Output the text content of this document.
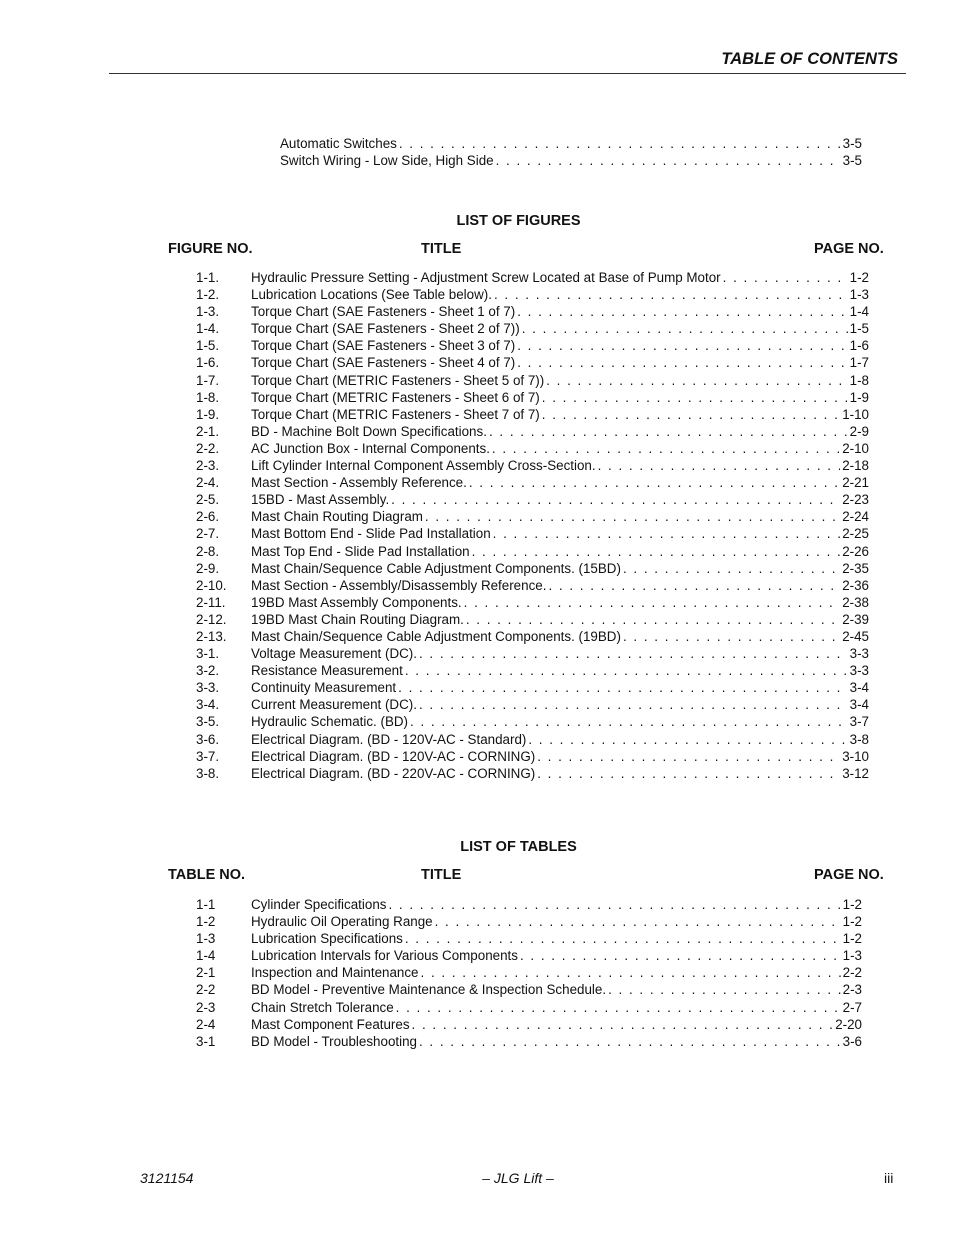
TABLE OF CONTENTS
Automatic Switches . . .	3-5
Switch Wiring - Low Side, High Side . . .	3-5
LIST OF FIGURES
FIGURE NO.	TITLE	PAGE NO.
1-1.	Hydraulic Pressure Setting - Adjustment Screw Located at Base of Pump Motor . . .	1-2
1-2.	Lubrication Locations (See Table below). . . .	1-3
1-3.	Torque Chart (SAE Fasteners - Sheet 1 of 7) . . .	1-4
1-4.	Torque Chart (SAE Fasteners - Sheet 2 of 7)) . . .	1-5
1-5.	Torque Chart (SAE Fasteners - Sheet 3 of 7) . . .	1-6
1-6.	Torque Chart (SAE Fasteners - Sheet 4 of 7) . . .	1-7
1-7.	Torque Chart (METRIC Fasteners - Sheet 5 of 7)) . . .	1-8
1-8.	Torque Chart (METRIC Fasteners - Sheet 6 of 7) . . .	1-9
1-9.	Torque Chart (METRIC Fasteners - Sheet 7 of 7) . . .	1-10
2-1.	BD - Machine Bolt Down Specifications. . . .	2-9
2-2.	AC Junction Box - Internal Components. . . .	2-10
2-3.	Lift Cylinder Internal Component Assembly Cross-Section. . . .	2-18
2-4.	Mast Section - Assembly Reference. . . .	2-21
2-5.	15BD - Mast Assembly. . . .	2-23
2-6.	Mast Chain Routing Diagram . . .	2-24
2-7.	Mast Bottom End - Slide Pad Installation . . .	2-25
2-8.	Mast Top End - Slide Pad Installation . . .	2-26
2-9.	Mast Chain/Sequence Cable Adjustment Components. (15BD) . . .	2-35
2-10.	Mast Section - Assembly/Disassembly Reference. . . .	2-36
2-11.	19BD Mast Assembly Components. . . .	2-38
2-12.	19BD Mast Chain Routing Diagram. . . .	2-39
2-13.	Mast Chain/Sequence Cable Adjustment Components. (19BD) . . .	2-45
3-1.	Voltage Measurement (DC). . . .	3-3
3-2.	Resistance Measurement . . .	3-3
3-3.	Continuity Measurement . . .	3-4
3-4.	Current Measurement (DC). . . .	3-4
3-5.	Hydraulic Schematic. (BD) . . .	3-7
3-6.	Electrical Diagram. (BD - 120V-AC - Standard) . . .	3-8
3-7.	Electrical Diagram. (BD - 120V-AC - CORNING) . . .	3-10
3-8.	Electrical Diagram. (BD - 220V-AC - CORNING) . . .	3-12
LIST OF TABLES
TABLE NO.	TITLE	PAGE NO.
1-1	Cylinder Specifications . . .	1-2
1-2	Hydraulic Oil Operating Range . . .	1-2
1-3	Lubrication Specifications . . .	1-2
1-4	Lubrication Intervals for Various Components . . .	1-3
2-1	Inspection and Maintenance . . .	2-2
2-2	BD Model - Preventive Maintenance & Inspection Schedule. . . .	2-3
2-3	Chain Stretch Tolerance . . .	2-7
2-4	Mast Component Features . . .	2-20
3-1	BD Model - Troubleshooting . . .	3-6
3121154	– JLG Lift –	iii
